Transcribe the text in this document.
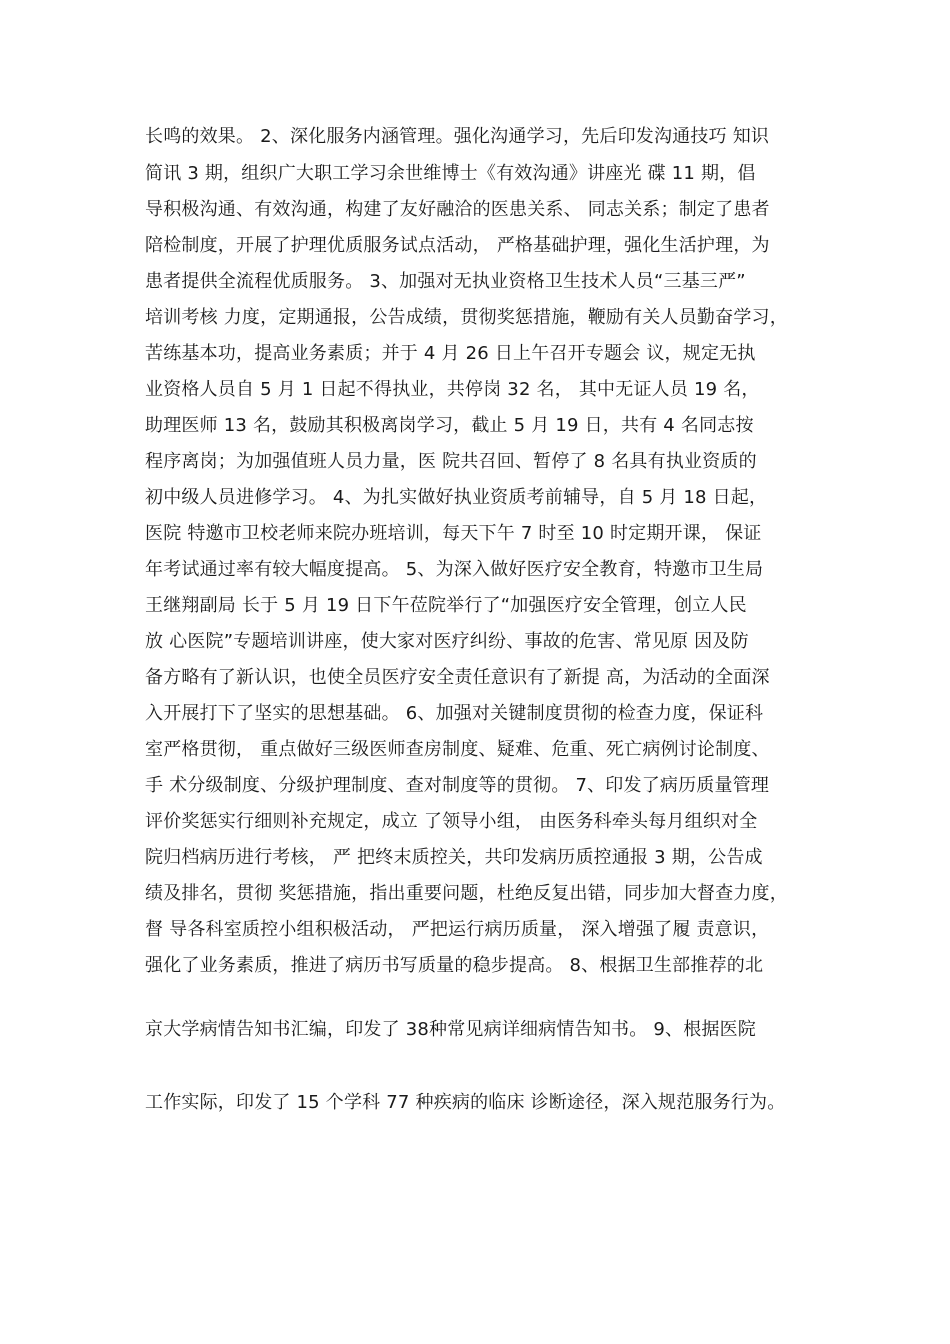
长鸣的效果。 2、深化服务内涵管理。强化沟通学习，先后印发沟通技巧 知识
简讯 3 期，组织广大职工学习余世维博士《有效沟通》讲座光 碟 11 期，倡
导积极沟通、有效沟通，构建了友好融洽的医患关系、 同志关系；制定了患者
陪检制度，开展了护理优质服务试点活动， 严格基础护理，强化生活护理，为
患者提供全流程优质服务。 3、加强对无执业资格卫生技术人员“三基三严”
培训考核 力度，定期通报，公告成绩，贯彻奖惩措施，鞭励有关人员勤奋学习，
苦练基本功，提高业务素质；并于 4 月 26 日上午召开专题会 议，规定无执
业资格人员自 5 月 1 日起不得执业，共停岗 32 名， 其中无证人员 19 名，
助理医师 13 名，鼓励其积极离岗学习，截止 5 月 19 日，共有 4 名同志按
程序离岗；为加强值班人员力量，医 院共召回、暂停了 8 名具有执业资质的
初中级人员进修学习。 4、为扎实做好执业资质考前辅导，自 5 月 18 日起，
医院 特邀市卫校老师来院办班培训，每天下午 7 时至 10 时定期开课， 保证
年考试通过率有较大幅度提高。 5、为深入做好医疗安全教育，特邀市卫生局
王继翔副局 长于 5 月 19 日下午莅院举行了“加强医疗安全管理，创立人民
放 心医院”专题培训讲座，使大家对医疗纠纷、事故的危害、常见原 因及防
备方略有了新认识，也使全员医疗安全责任意识有了新提 高，为活动的全面深
入开展打下了坚实的思想基础。 6、加强对关键制度贯彻的检查力度，保证科
室严格贯彻， 重点做好三级医师查房制度、疑难、危重、死亡病例讨论制度、
手 术分级制度、分级护理制度、查对制度等的贯彻。 7、印发了病历质量管理
评价奖惩实行细则补充规定，成立 了领导小组， 由医务科牵头每月组织对全
院归档病历进行考核， 严 把终末质控关，共印发病历质控通报 3 期，公告成
绩及排名，贯彻 奖惩措施，指出重要问题，杜绝反复出错，同步加大督查力度，
督 导各科室质控小组积极活动， 严把运行病历质量， 深入增强了履 责意识，
强化了业务素质，推进了病历书写质量的稳步提高。 8、根据卫生部推荐的北
京大学病情告知书汇编，印发了 38种常见病详细病情告知书。 9、根据医院
工作实际，印发了 15 个学科 77 种疾病的临床 诊断途径，深入规范服务行为。
